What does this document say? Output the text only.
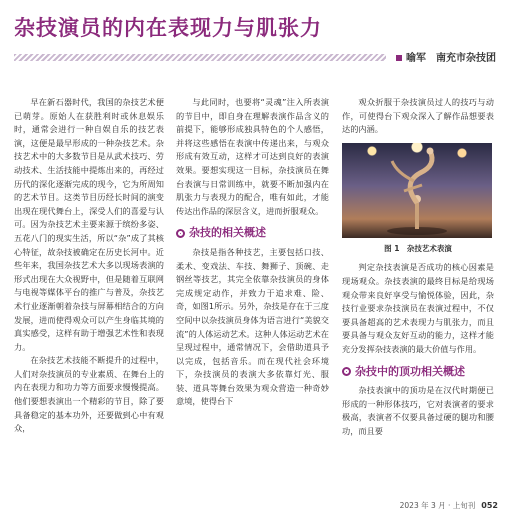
杂技演员的内在表现力与肌张力
喻军 南充市杂技团

早在新石器时代，我国的杂技艺术便已萌芽。原始人在获胜利时或休息娱乐时，通常会进行一种自娱自乐的技艺表演，这便是最早形成的一种杂技艺术。杂技艺术中的大多数节目是从武术技巧、劳动技术、生活技能中提炼出来的，再经过历代的深化逐渐完成的现今，它为所周知的艺术节目。这类节目历经长时间的演变出现在现代舞台上，深受人们的喜爱与认可。因为杂技艺术主要来源于缤纷多姿、五花八门的现实生活，所以“杂”成了其核心特征，故杂技被确定在历史长河中。近些年来，我国杂技艺术大多以现场表演的形式出现在大众视野中，但是随着互联网与电视等媒体平台的推广与普及，杂技艺术行业逐渐朝着杂技与屏幕相结合的方向发展，进而使得观众可以产生身临其境的真实感受，这样有助于增强艺术性和表现力。

在杂技艺术技能不断提升的过程中，人们对杂技演员的专业素质、在舞台上的内在表现力和功力等方面要求慢慢提高。他们要想表演出一个精彩的节目，除了要具备稳定的基本功外，还要做到心中有观众，

与此同时，也要将“灵魂”注入所表演的节目中，即自身在理解表演作品含义的前提下，能够形成独具特色的个人感悟，并将这些感悟在表演中传递出来，与观众形成有效互动，这样才可达到良好的表演效果。要想实现这一目标，杂技演员在舞台表演与日常训练中，就要不断加强内在肌张力与表现力的配合，唯有如此，才能传达出作品的深层含义，进而折服观众。

杂技的相关概述

杂技是指各种技艺，主要包括口技、柔术、变戏法、车技、舞狮子、顶碗、走钢丝等技艺，其完全依靠杂技演员的身体完成规定动作，并致力于追求难、险、奇，如图1所示。另外，杂技是存在于三度空间中以杂技演员身体为语言进行“美貌交流”的人体运动艺术。这种人体运动艺术在呈现过程中，通常情况下，会借助道具予以完成，包括音乐。而在现代社会环境下，杂技演员的表演大多依靠灯光、服装、道具等舞台效果为观众营造一种奇妙意境，使得台下

观众折服于杂技演员过人的技巧与动作，可使得台下观众深入了解作品想要表达的内涵。

图 1　杂技艺术表演

判定杂技表演是否成功的核心因素是现场观众。杂技表演的最终目标是给现场观众带来良好享受与愉悦体验，因此，杂技行业要求杂技演员在表演过程中，不仅要具备超高的艺术表现力与肌张力，而且要具备与观众友好互动的能力，这样才能充分发挥杂技表演的最大价值与作用。

杂技中的顶功相关概述

杂技表演中的顶功是在汉代时期便已形成的一种形体技巧，它对表演者的要求极高，表演者不仅要具备过硬的腿功和腰功，而且要

2023 年 3 月 · 上旬刊 052
